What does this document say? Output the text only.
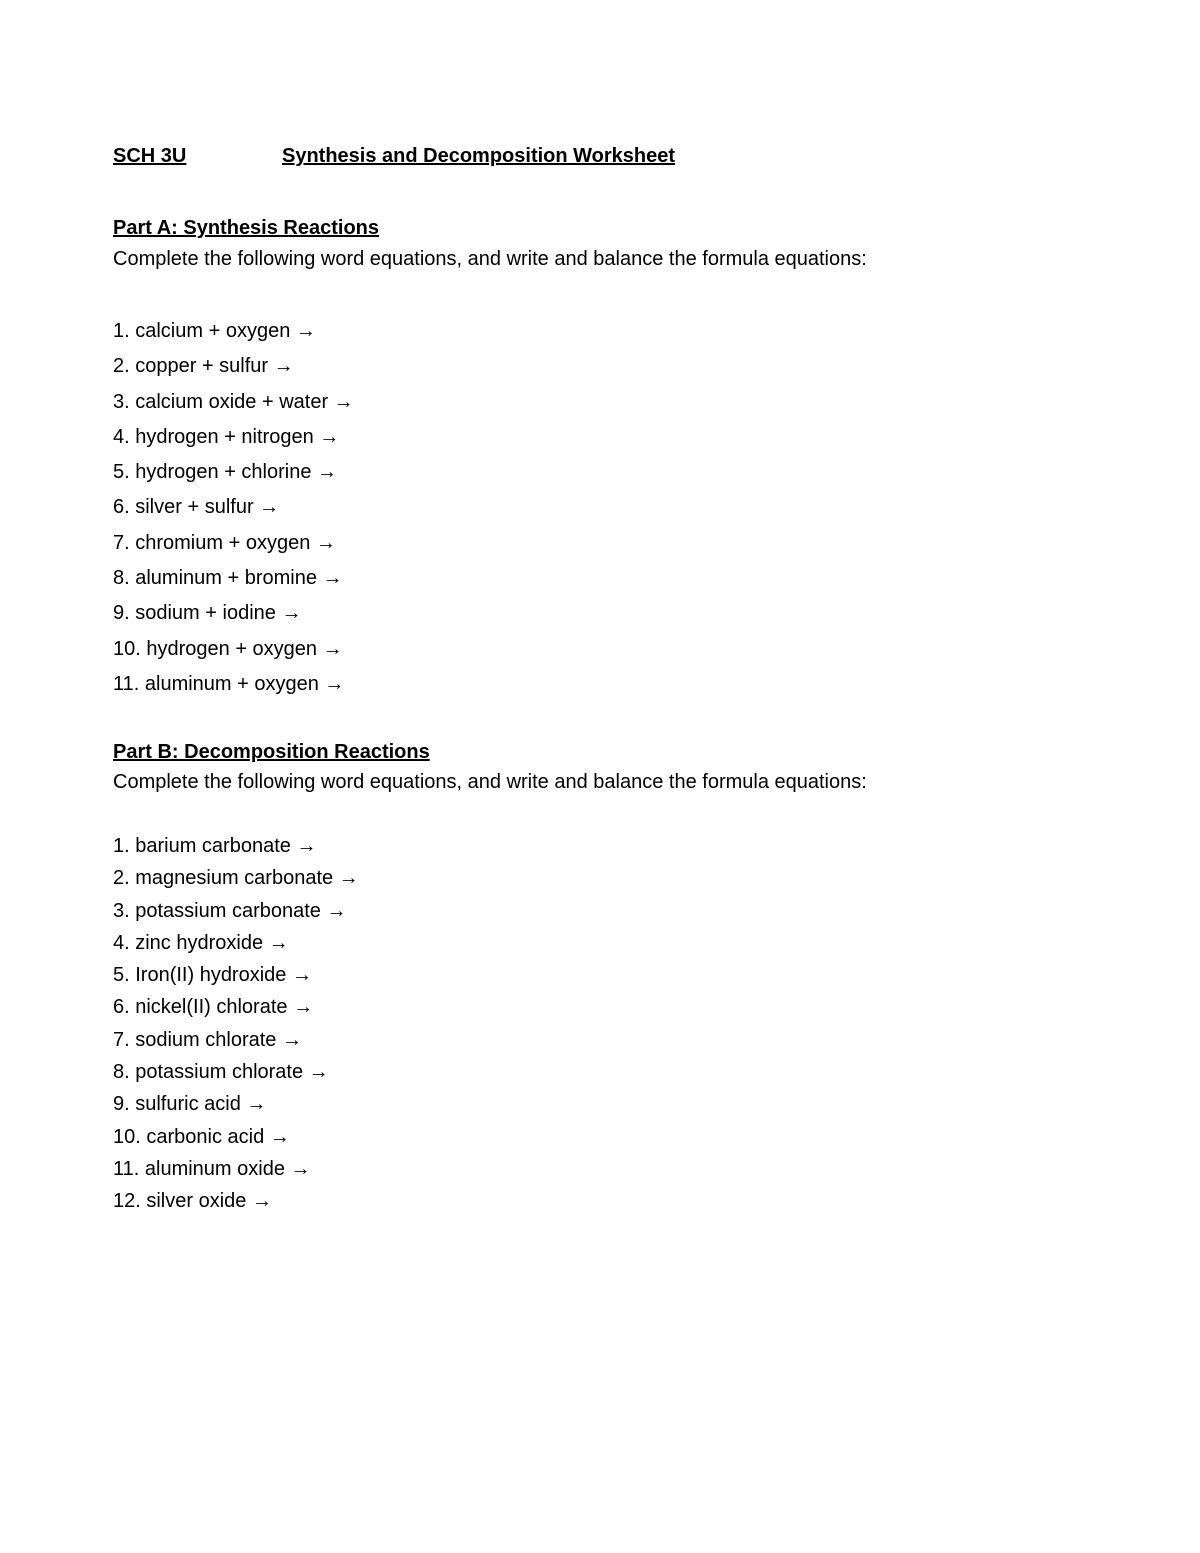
SCH 3U	Synthesis and Decomposition Worksheet
Part A: Synthesis Reactions
Complete the following word equations, and write and balance the formula equations:
1. calcium + oxygen →
2. copper + sulfur →
3. calcium oxide + water →
4. hydrogen + nitrogen →
5. hydrogen + chlorine →
6. silver + sulfur →
7. chromium + oxygen →
8. aluminum + bromine →
9. sodium + iodine →
10. hydrogen + oxygen →
11. aluminum + oxygen →
Part B: Decomposition Reactions
Complete the following word equations, and write and balance the formula equations:
1. barium carbonate →
2. magnesium carbonate →
3. potassium carbonate →
4. zinc hydroxide →
5. Iron(II) hydroxide →
6. nickel(II) chlorate →
7. sodium chlorate →
8. potassium chlorate →
9. sulfuric acid →
10. carbonic acid →
11. aluminum oxide →
12. silver oxide →
